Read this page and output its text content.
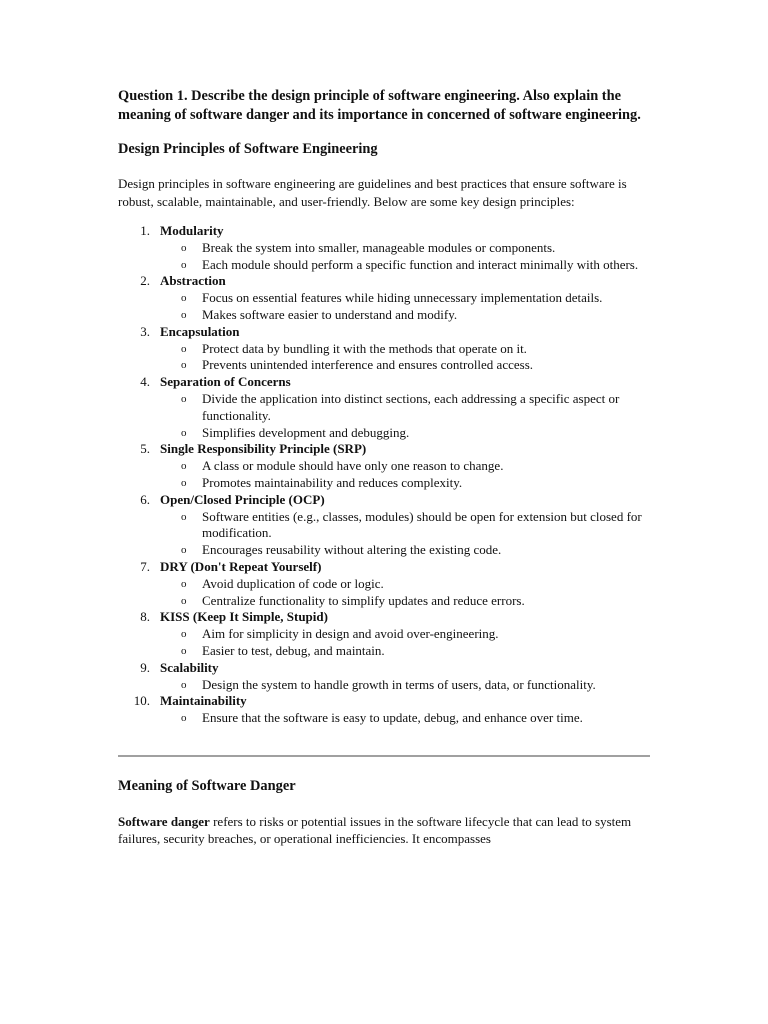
Question 1. Describe the design principle of software engineering. Also explain the meaning of software danger and its importance in concerned of software engineering.

Design Principles of Software Engineering

Design principles in software engineering are guidelines and best practices that ensure software is robust, scalable, maintainable, and user-friendly. Below are some key design principles:

1. Modularity
o Break the system into smaller, manageable modules or components.
o Each module should perform a specific function and interact minimally with others.
2. Abstraction
o Focus on essential features while hiding unnecessary implementation details.
o Makes software easier to understand and modify.
3. Encapsulation
o Protect data by bundling it with the methods that operate on it.
o Prevents unintended interference and ensures controlled access.
4. Separation of Concerns
o Divide the application into distinct sections, each addressing a specific aspect or functionality.
o Simplifies development and debugging.
5. Single Responsibility Principle (SRP)
o A class or module should have only one reason to change.
o Promotes maintainability and reduces complexity.
6. Open/Closed Principle (OCP)
o Software entities (e.g., classes, modules) should be open for extension but closed for modification.
o Encourages reusability without altering the existing code.
7. DRY (Don't Repeat Yourself)
o Avoid duplication of code or logic.
o Centralize functionality to simplify updates and reduce errors.
8. KISS (Keep It Simple, Stupid)
o Aim for simplicity in design and avoid over-engineering.
o Easier to test, debug, and maintain.
9. Scalability
o Design the system to handle growth in terms of users, data, or functionality.
10. Maintainability
o Ensure that the software is easy to update, debug, and enhance over time.

Meaning of Software Danger

Software danger refers to risks or potential issues in the software lifecycle that can lead to system failures, security breaches, or operational inefficiencies. It encompasses
